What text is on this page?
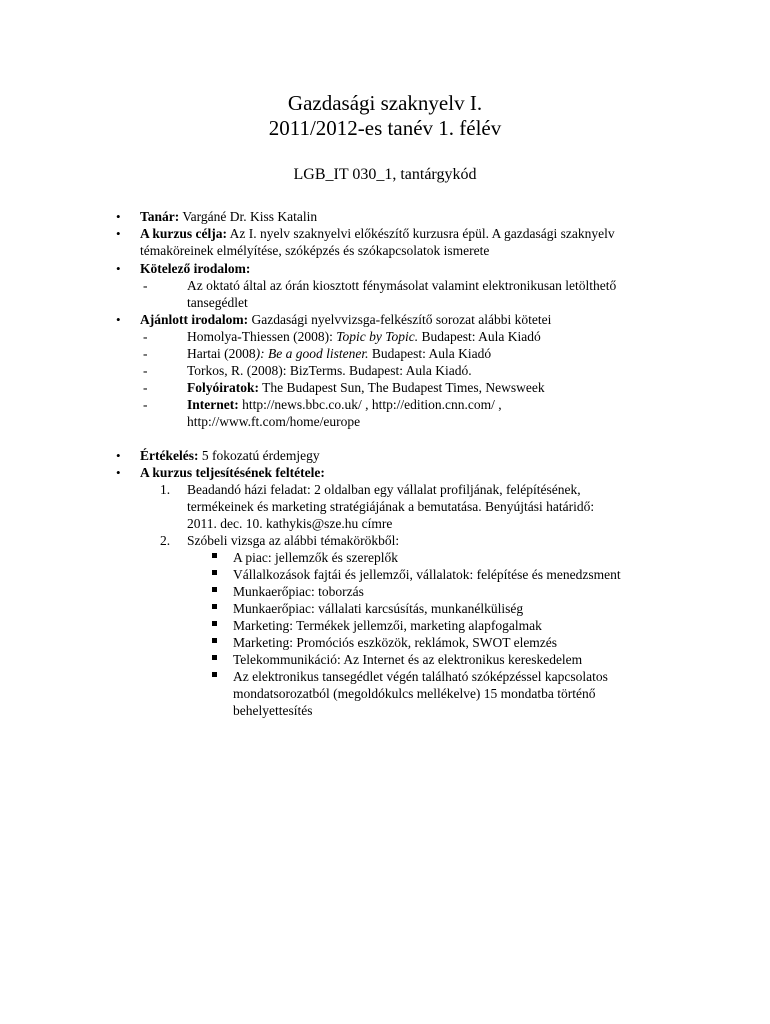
Gazdasági szaknyelv I.
2011/2012-es tanév 1. félév
LGB_IT 030_1, tantárgykód
• Tanár: Vargáné Dr. Kiss Katalin
• A kurzus célja: Az I. nyelv szaknyelvi előkészítő kurzusra épül. A gazdasági szaknyelv
témaköreinek elmélyítése, szóképzés és szókapcsolatok ismerete
• Kötelező irodalom:
-	Az oktató által az órán kiosztott fénymásolat valamint elektronikusan letölthető
tansegédlet
• Ajánlott irodalom: Gazdasági nyelvvizsga-felkészítő sorozat alábbi kötetei
-	Homolya-Thiessen (2008): Topic by Topic. Budapest: Aula Kiadó
-	Hartai (2008): Be a good listener. Budapest: Aula Kiadó
-	Torkos, R. (2008): BizTerms. Budapest: Aula Kiadó.
-	Folyóiratok: The Budapest Sun, The Budapest Times, Newsweek
-	Internet: http://news.bbc.co.uk/ , http://edition.cnn.com/ ,
http://www.ft.com/home/europe
• Értékelés: 5 fokozatú érdemjegy
• A kurzus teljesítésének feltétele:
1. Beadandó házi feladat: 2 oldalban egy vállalat profiljának, felépítésének,
termékeinek és marketing stratégiájának a bemutatása. Benyújtási határidő:
2011. dec. 10. kathykis@sze.hu címre
2. Szóbeli vizsga az alábbi témakörökből:
A piac: jellemzők és szereplők
Vállalkozások fajtái és jellemzői, vállalatok: felépítése és menedzsment
Munkaerőpiac: toborzás
Munkaerőpiac: vállalati karcsúsítás, munkanélküliség
Marketing: Termékek jellemzői, marketing alapfogalmak
Marketing: Promóciós eszközök, reklámok, SWOT elemzés
Telekommunikáció: Az Internet és az elektronikus kereskedelem
Az elektronikus tansegédlet végén található szóképzéssel kapcsolatos
mondatsorozatból (megoldókulcs mellékelve) 15 mondatba történő
behelyettesítés
